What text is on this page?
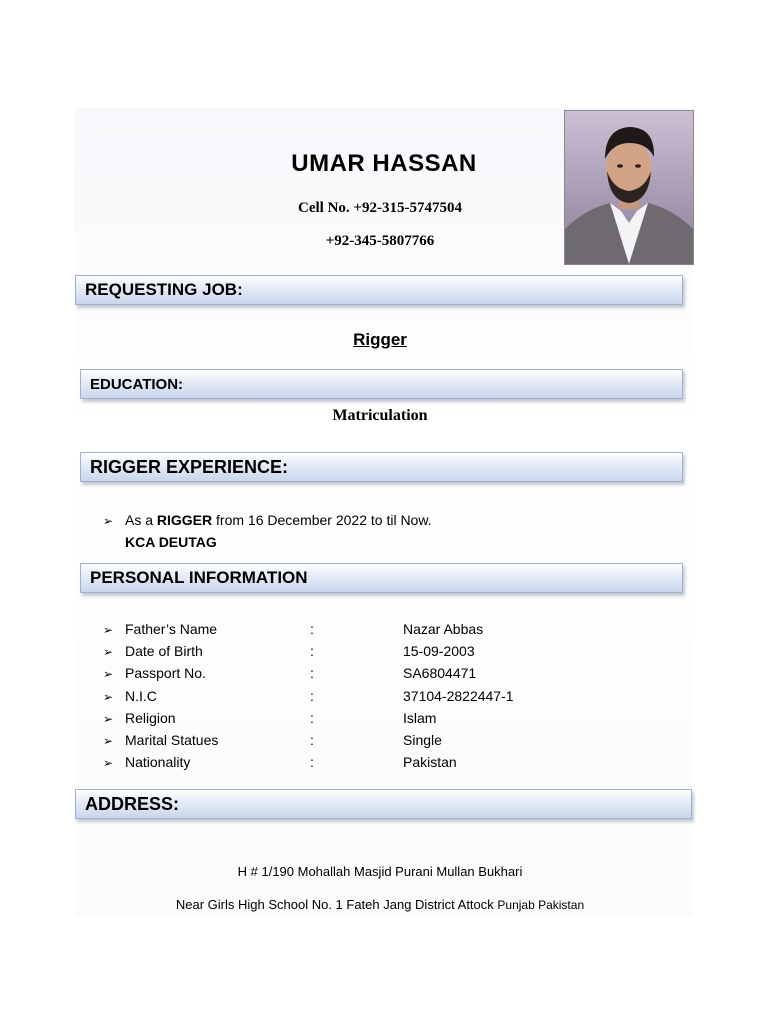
UMAR HASSAN
Cell No. +92-315-5747504
+92-345-5807766
REQUESTING JOB:
Rigger
EDUCATION:
Matriculation
RIGGER EXPERIENCE:
➢ As a RIGGER from 16 December 2022 to til Now.
KCA DEUTAG
PERSONAL INFORMATION
➢ Father’s Name	:	Nazar Abbas
➢ Date of Birth	:	15-09-2003
➢ Passport No.	:	SA6804471
➢ N.I.C	:	37104-2822447-1
➢ Religion	:	Islam
➢ Marital Statues	:	Single
➢ Nationality	:	Pakistan
ADDRESS:
H # 1/190 Mohallah Masjid Purani Mullan Bukhari
Near Girls High School No. 1 Fateh Jang District Attock Punjab Pakistan
